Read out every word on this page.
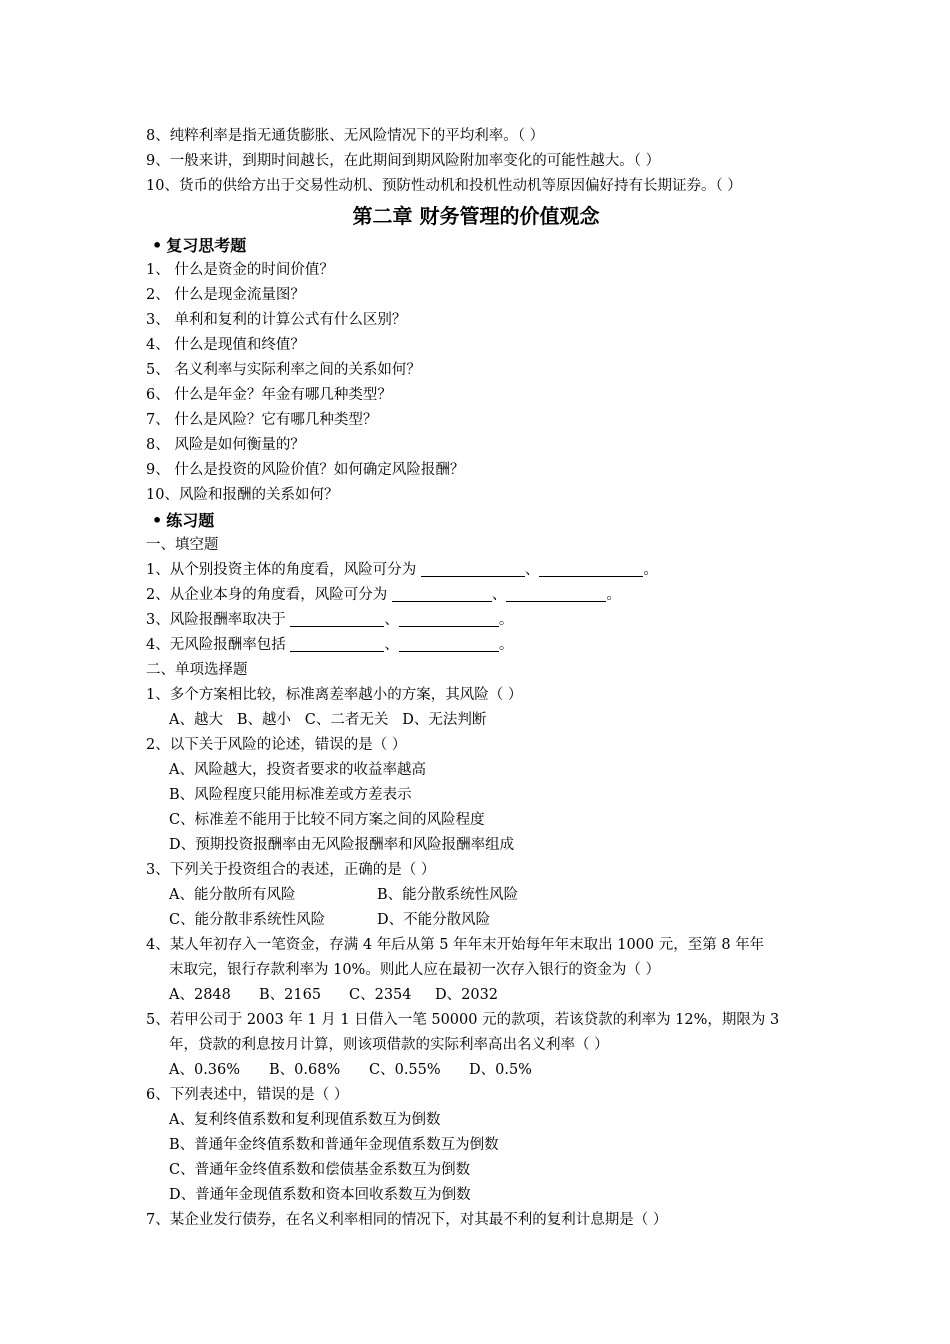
8、纯粹利率是指无通货膨胀、无风险情况下的平均利率。（ ）
9、一般来讲，到期时间越长，在此期间到期风险附加率变化的可能性越大。（ ）
10、货币的供给方出于交易性动机、预防性动机和投机性动机等原因偏好持有长期证券。（ ）
第二章 财务管理的价值观念
• 复习思考题
1、 什么是资金的时间价值？
2、 什么是现金流量图？
3、 单利和复利的计算公式有什么区别？
4、 什么是现值和终值？
5、 名义利率与实际利率之间的关系如何？
6、 什么是年金？年金有哪几种类型？
7、 什么是风险？它有哪几种类型？
8、 风险是如何衡量的？
9、 什么是投资的风险价值？如何确定风险报酬？
10、风险和报酬的关系如何？
• 练习题
一、填空题
1、从个别投资主体的角度看，风险可分为	、	。
2、从企业本身的角度看，风险可分为	、	。
3、风险报酬率取决于	、	。
4、无风险报酬率包括	、	。
二、单项选择题
1、多个方案相比较，标准离差率越小的方案，其风险（ ）
A、越大 B、越小 C、二者无关 D、无法判断
2、以下关于风险的论述，错误的是（ ）
A、风险越大，投资者要求的收益率越高
B、风险程度只能用标准差或方差表示
C、标准差不能用于比较不同方案之间的风险程度
D、预期投资报酬率由无风险报酬率和风险报酬率组成
3、下列关于投资组合的表述，正确的是（ ）
A、能分散所有风险	B、能分散系统性风险
C、能分散非系统性风险	D、不能分散风险
4、某人年初存入一笔资金，存满 4 年后从第 5 年年末开始每年年末取出 1000 元，至第 8 年年
末取完，银行存款利率为 10%。则此人应在最初一次存入银行的资金为（ ）
A、2848 B、2165 C、2354 D、2032
5、若甲公司于 2003 年 1 月 1 日借入一笔 50000 元的款项，若该贷款的利率为 12%，期限为 3
年，贷款的利息按月计算，则该项借款的实际利率高出名义利率（ ）
A、0.36% B、0.68% C、0.55% D、0.5%
6、下列表述中，错误的是（ ）
A、复利终值系数和复利现值系数互为倒数
B、普通年金终值系数和普通年金现值系数互为倒数
C、普通年金终值系数和偿债基金系数互为倒数
D、普通年金现值系数和资本回收系数互为倒数
7、某企业发行债券，在名义利率相同的情况下，对其最不利的复利计息期是（ ）
